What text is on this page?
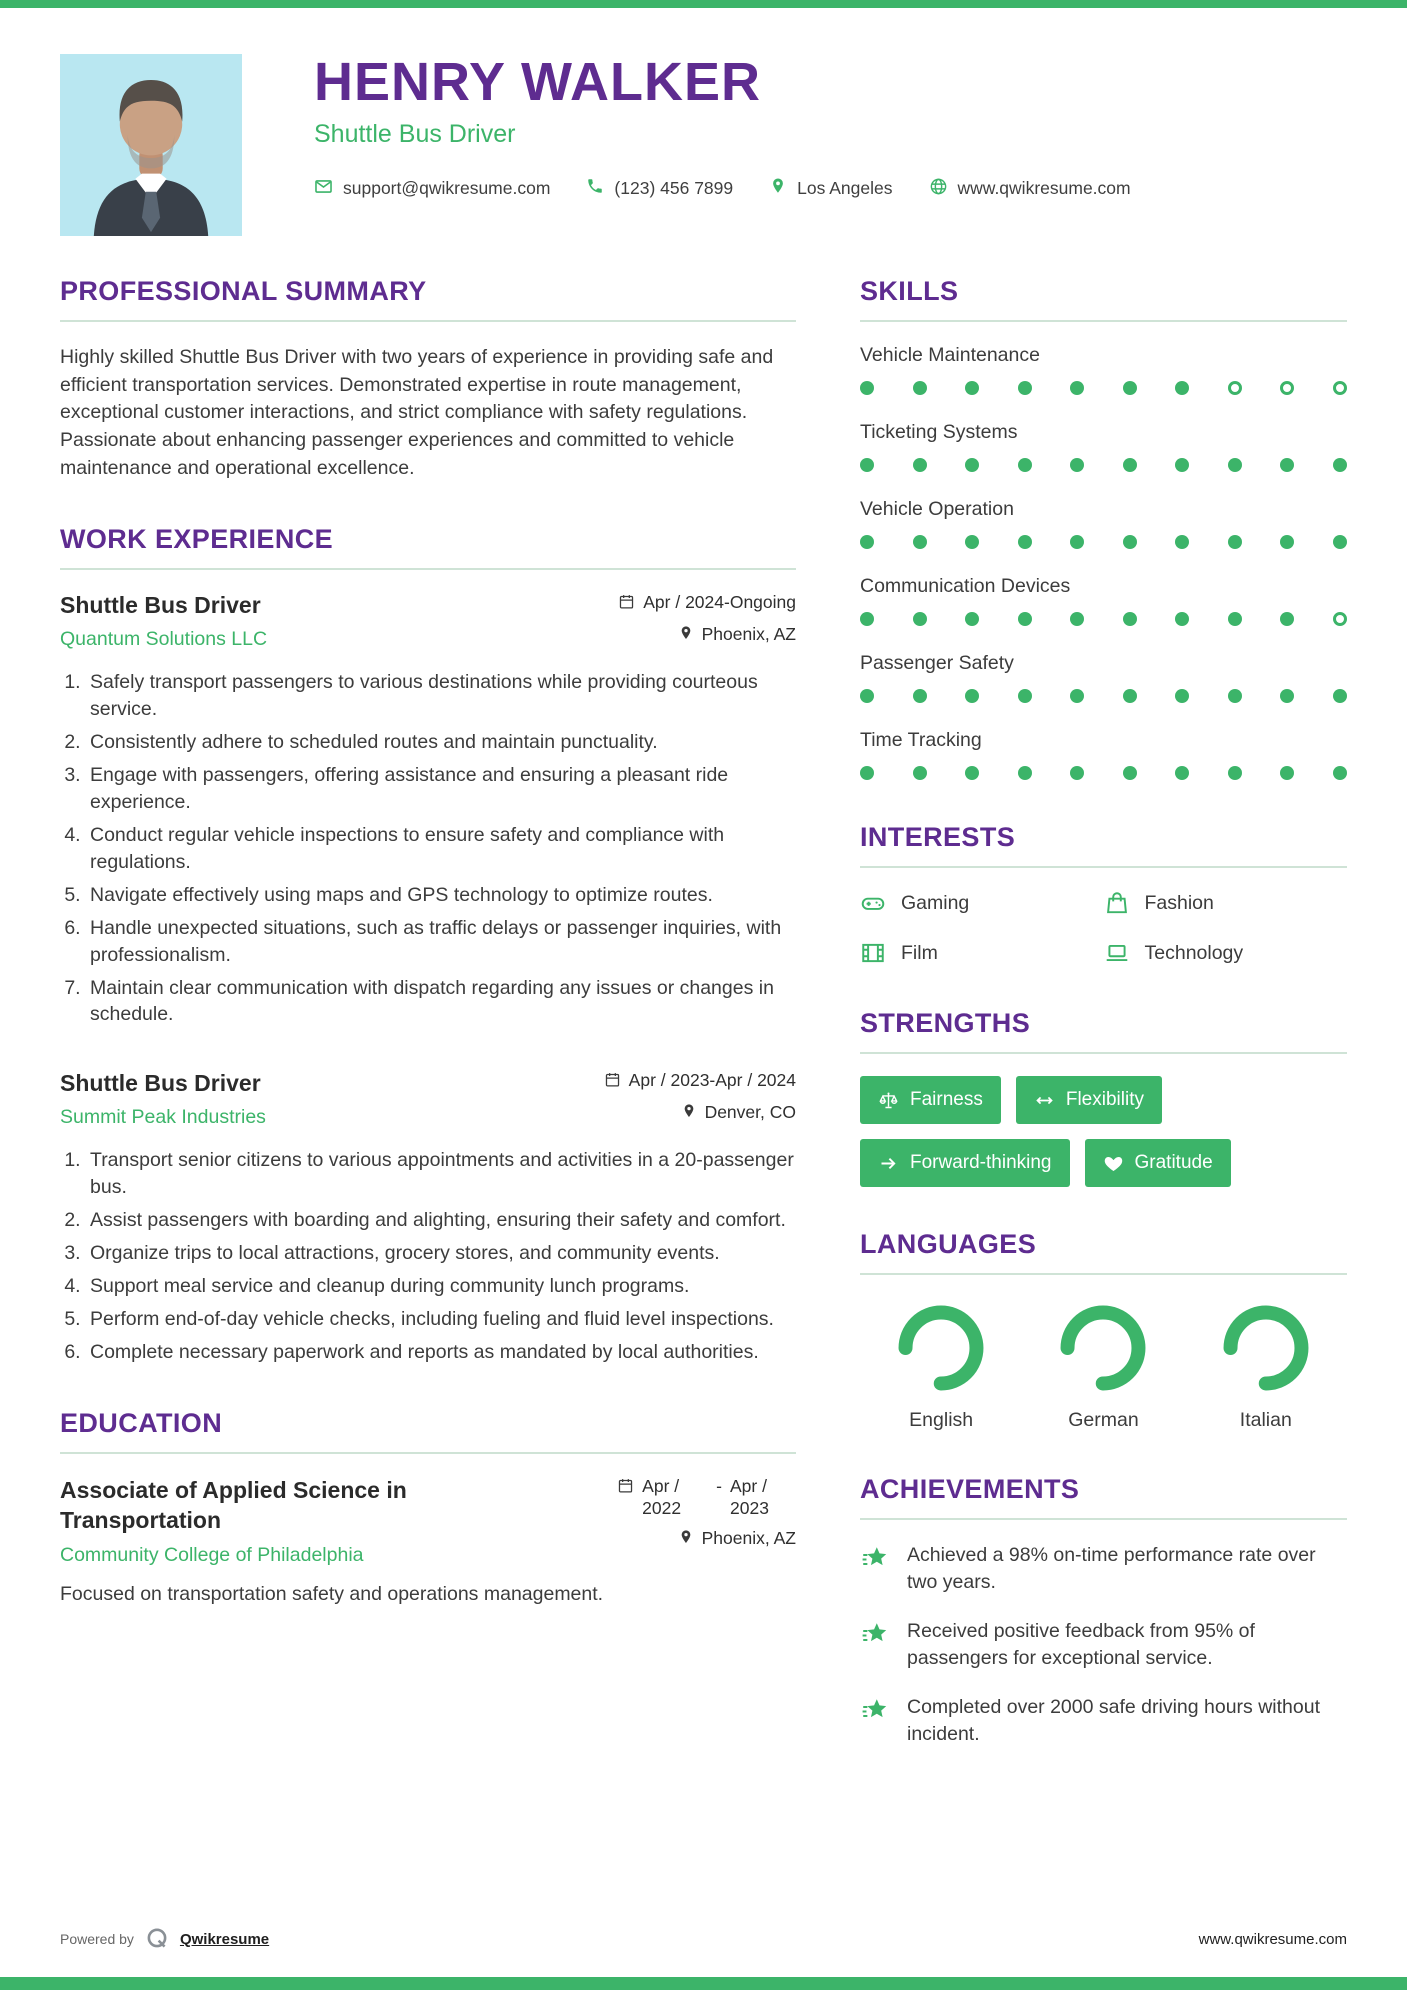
HENRY WALKER
Shuttle Bus Driver
support@qwikresume.com	(123) 456 7899	Los Angeles	www.qwikresume.com
PROFESSIONAL SUMMARY

Highly skilled Shuttle Bus Driver with two years of experience in providing safe and efficient transportation services. Demonstrated expertise in route management, exceptional customer interactions, and strict compliance with safety regulations. Passionate about enhancing passenger experiences and committed to vehicle maintenance and operational excellence.

WORK EXPERIENCE
Shuttle Bus Driver
Quantum Solutions LLC
Apr / 2024-Ongoing
Phoenix, AZ
1. Safely transport passengers to various destinations while providing courteous service.
2. Consistently adhere to scheduled routes and maintain punctuality.
3. Engage with passengers, offering assistance and ensuring a pleasant ride experience.
4. Conduct regular vehicle inspections to ensure safety and compliance with regulations.
5. Navigate effectively using maps and GPS technology to optimize routes.
6. Handle unexpected situations, such as traffic delays or passenger inquiries, with professionalism.
7. Maintain clear communication with dispatch regarding any issues or changes in schedule.
Shuttle Bus Driver
Summit Peak Industries
Apr / 2023-Apr / 2024
Denver, CO
1. Transport senior citizens to various appointments and activities in a 20-passenger bus.
2. Assist passengers with boarding and alighting, ensuring their safety and comfort.
3. Organize trips to local attractions, grocery stores, and community events.
4. Support meal service and cleanup during community lunch programs.
5. Perform end-of-day vehicle checks, including fueling and fluid level inspections.
6. Complete necessary paperwork and reports as mandated by local authorities.
EDUCATION
Associate of Applied Science in Transportation
Community College of Philadelphia
Apr / 2022
- Apr / 2023
Phoenix, AZ

Focused on transportation safety and operations management.

SKILLS
Vehicle Maintenance
Ticketing Systems
Vehicle Operation
Communication Devices
Passenger Safety
Time Tracking
INTERESTS
Gaming	Fashion
Film	Technology
STRENGTHS
Fairness	Flexibility
Forward-thinking	Gratitude
LANGUAGES
English	German	Italian
ACHIEVEMENTS

Achieved a 98% on-time performance rate over two years.

Received positive feedback from 95% of passengers for exceptional service.

Completed over 2000 safe driving hours without incident.

Powered by	Qwikresume	www.qwikresume.com
